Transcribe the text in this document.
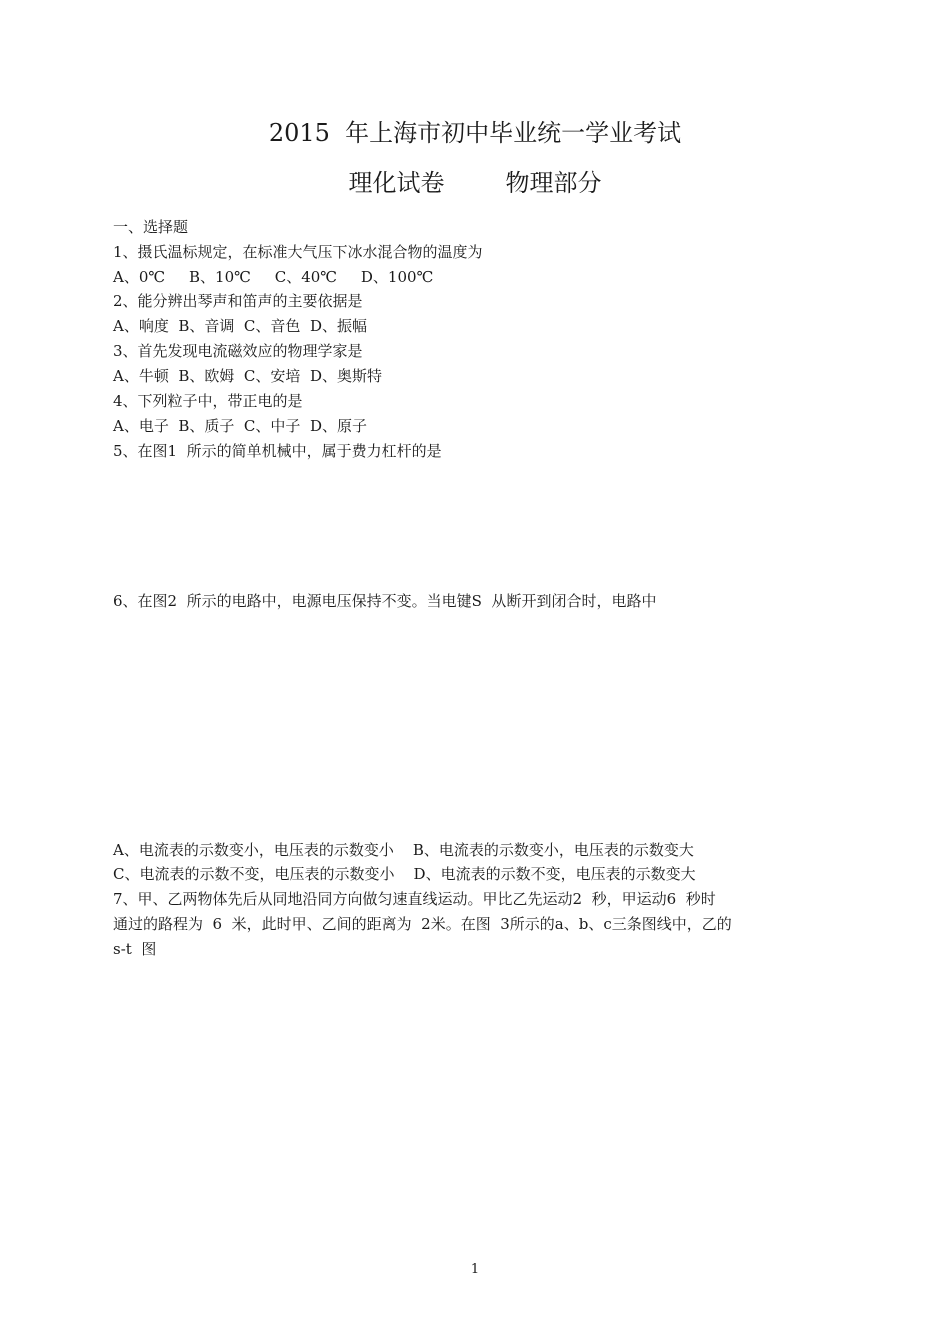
2015  年上海市初中毕业统一学业考试
理化试卷        物理部分
一、选择题
1、摄氏温标规定，在标准大气压下冰水混合物的温度为
A、0℃     B、10℃     C、40℃     D、100℃
2、能分辨出琴声和笛声的主要依据是
A、响度  B、音调  C、音色  D、振幅
3、首先发现电流磁效应的物理学家是
A、牛顿  B、欧姆  C、安培  D、奥斯特
4、下列粒子中，带正电的是
A、电子  B、质子  C、中子  D、原子
5、在图1  所示的简单机械中，属于费力杠杆的是
6、在图2  所示的电路中，电源电压保持不变。当电键S  从断开到闭合时，电路中
A、电流表的示数变小，电压表的示数变小    B、电流表的示数变小，电压表的示数变大
C、电流表的示数不变，电压表的示数变小    D、电流表的示数不变，电压表的示数变大
7、甲、乙两物体先后从同地沿同方向做匀速直线运动。甲比乙先运动2  秒，甲运动6  秒时
通过的路程为  6  米，此时甲、乙间的距离为  2米。在图  3所示的a、b、c三条图线中，乙的
s-t  图
1
